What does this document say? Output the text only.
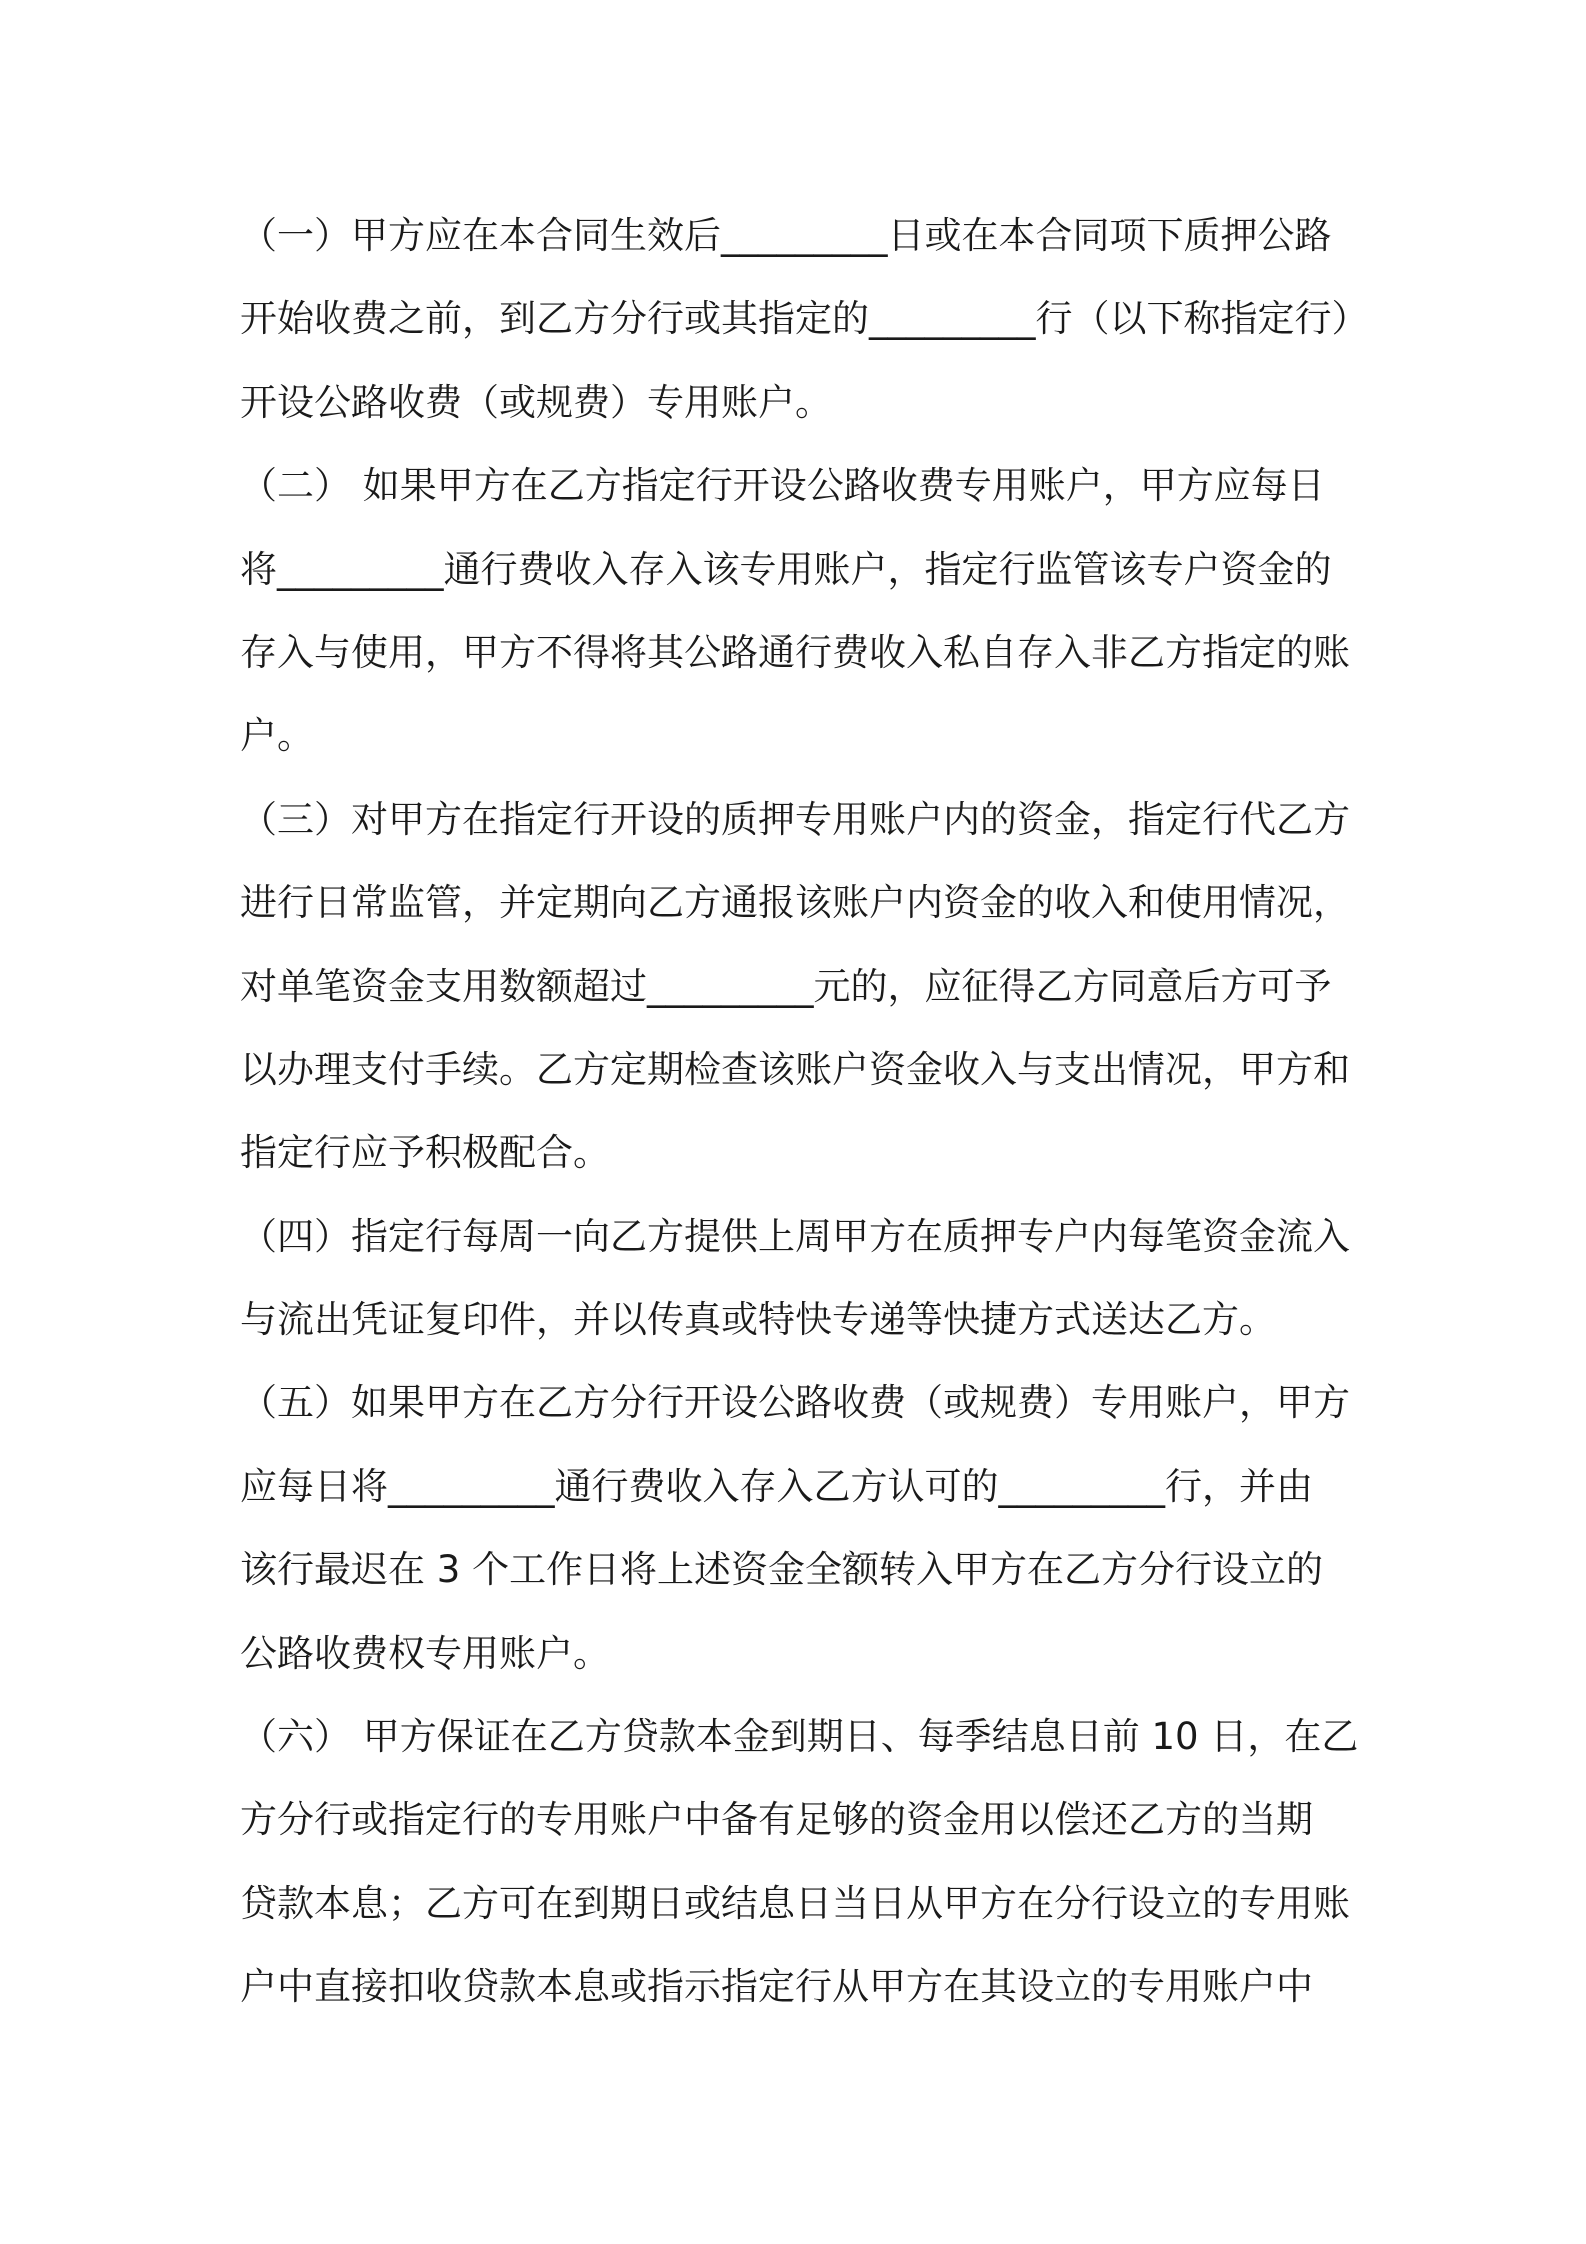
（一）甲方应在本合同生效后_________日或在本合同项下质押公路
开始收费之前，到乙方分行或其指定的_________行（以下称指定行）
开设公路收费（或规费）专用账户。
（二） 如果甲方在乙方指定行开设公路收费专用账户，甲方应每日
将_________通行费收入存入该专用账户，指定行监管该专户资金的
存入与使用，甲方不得将其公路通行费收入私自存入非乙方指定的账
户。
（三）对甲方在指定行开设的质押专用账户内的资金，指定行代乙方
进行日常监管，并定期向乙方通报该账户内资金的收入和使用情况，
对单笔资金支用数额超过_________元的，应征得乙方同意后方可予
以办理支付手续。乙方定期检查该账户资金收入与支出情况，甲方和
指定行应予积极配合。
（四）指定行每周一向乙方提供上周甲方在质押专户内每笔资金流入
与流出凭证复印件，并以传真或特快专递等快捷方式送达乙方。
（五）如果甲方在乙方分行开设公路收费（或规费）专用账户，甲方
应每日将_________通行费收入存入乙方认可的_________行，并由
该行最迟在 3 个工作日将上述资金全额转入甲方在乙方分行设立的
公路收费权专用账户。
（六） 甲方保证在乙方贷款本金到期日、每季结息日前 10 日，在乙
方分行或指定行的专用账户中备有足够的资金用以偿还乙方的当期
贷款本息；乙方可在到期日或结息日当日从甲方在分行设立的专用账
户中直接扣收贷款本息或指示指定行从甲方在其设立的专用账户中
